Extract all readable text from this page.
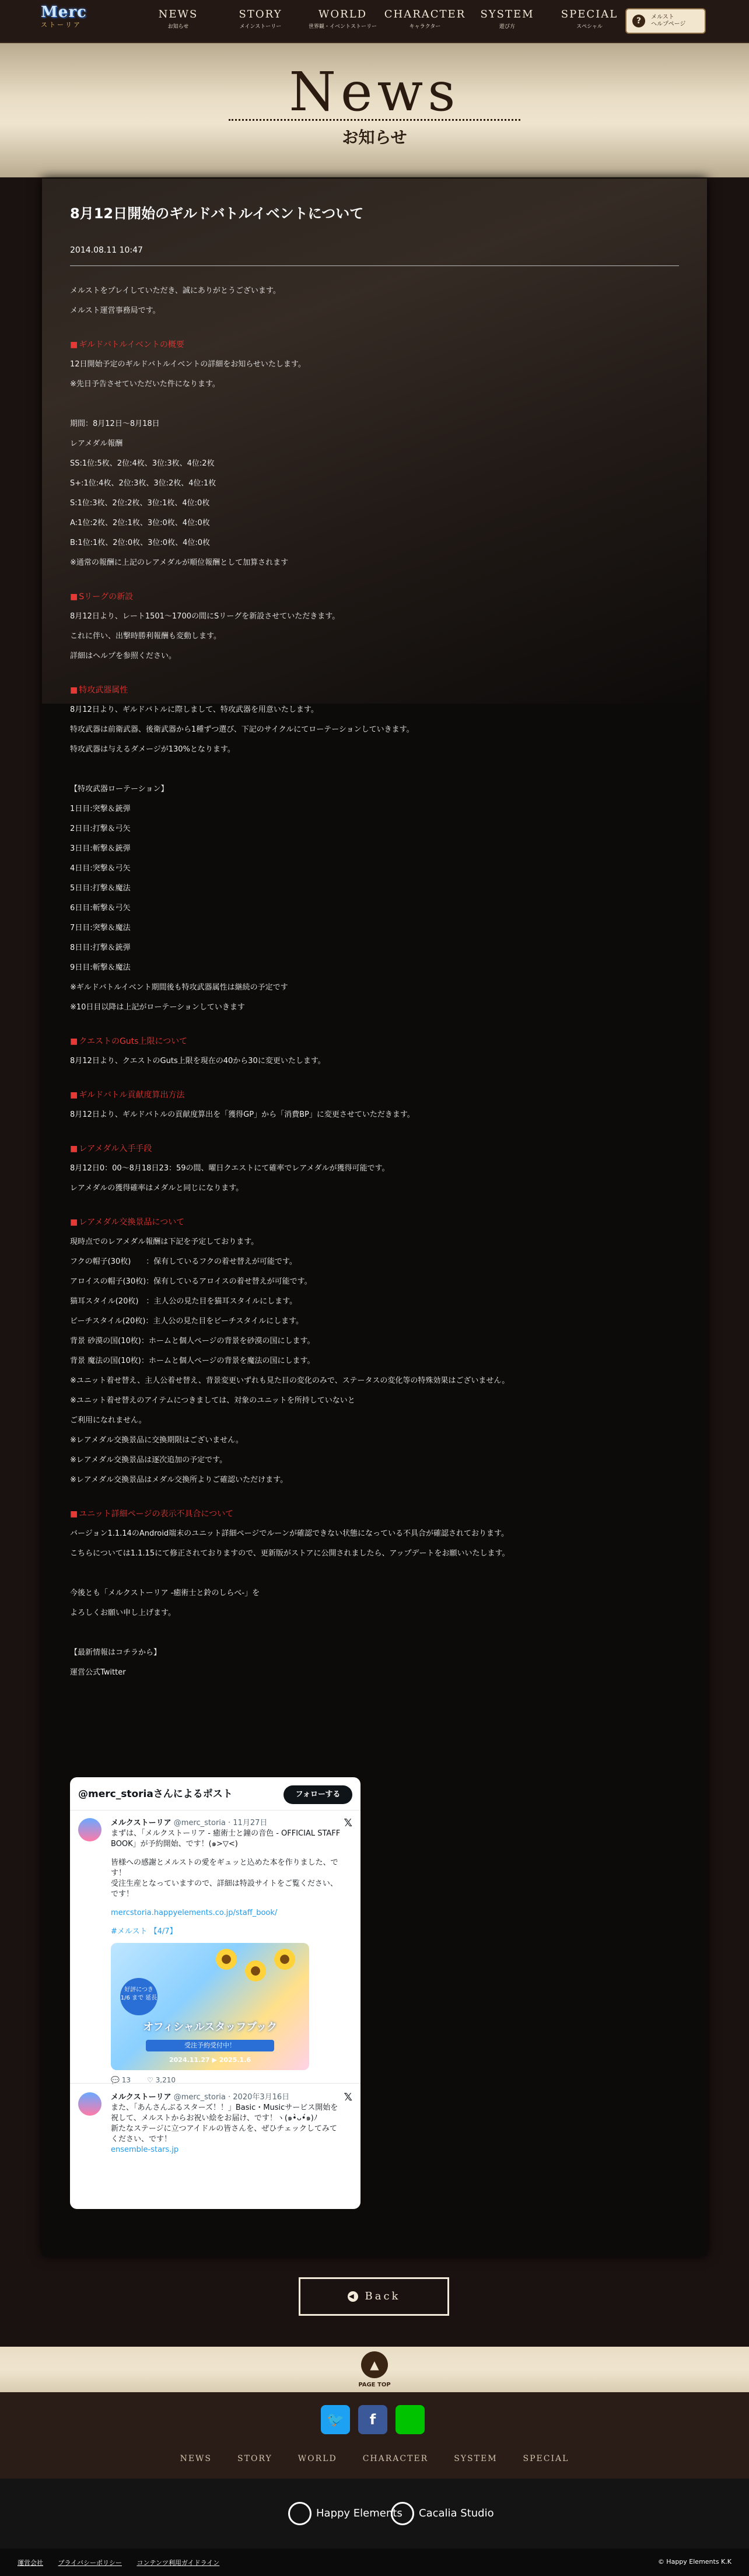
Merc
ストーリア
NEWS
お知らせ
STORY
メインストーリー
WORLD
世界観・イベントストーリー
CHARACTER
キャラクター
SYSTEM
遊び方
SPECIAL
スペシャル
?	メルスト
ヘルプページ
News
お知らせ
8月12日開始のギルドバトルイベントについて
2014.08.11 10:47
メルストをプレイしていただき、誠にありがとうございます。
メルスト運営事務局です。
■ ギルドバトルイベントの概要
12日開始予定のギルドバトルイベントの詳細をお知らせいたします。
※先日予告させていただいた件になります。
期間：8月12日〜8月18日
レアメダル報酬
SS:1位:5枚、2位:4枚、3位:3枚、4位:2枚
S+:1位:4枚、2位:3枚、3位:2枚、4位:1枚
S:1位:3枚、2位:2枚、3位:1枚、4位:0枚
A:1位:2枚、2位:1枚、3位:0枚、4位:0枚
B:1位:1枚、2位:0枚、3位:0枚、4位:0枚
※通常の報酬に上記のレアメダルが順位報酬として加算されます
■ Sリーグの新設
8月12日より、レート1501〜1700の間にSリーグを新設させていただきます。
これに伴い、出撃時勝利報酬も変動します。
詳細はヘルプを参照ください。
■ 特攻武器属性
8月12日より、ギルドバトルに際しまして、特攻武器を用意いたします。
特攻武器は前衛武器、後衛武器から1種ずつ選び、下記のサイクルにてローテーションしていきます。
特攻武器は与えるダメージが130%となります。
【特攻武器ローテーション】
1日目:突撃＆銃弾
2日目:打撃＆弓矢
3日目:斬撃＆銃弾
4日目:突撃＆弓矢
5日目:打撃＆魔法
6日目:斬撃＆弓矢
7日目:突撃＆魔法
8日目:打撃＆銃弾
9日目:斬撃＆魔法
※ギルドバトルイベント期間後も特攻武器属性は継続の予定です
※10日目以降は上記がローテーションしていきます
■ クエストのGuts上限について
8月12日より、クエストのGuts上限を現在の40から30に変更いたします。
■ ギルドバトル貢献度算出方法
8月12日より、ギルドバトルの貢献度算出を「獲得GP」から「消費BP」に変更させていただきます。
■ レアメダル入手手段
8月12日0：00〜8月18日23：59の間、曜日クエストにて確率でレアメダルが獲得可能です。
レアメダルの獲得確率はメダルと同じになります。
■ レアメダル交換景品について
現時点でのレアメダル報酬は下記を予定しております。
フクの帽子(30枚)　　：保有しているフクの着せ替えが可能です。
アロイスの帽子(30枚)：保有しているアロイスの着せ替えが可能です。
猫耳スタイル(20枚)　：主人公の見た目を猫耳スタイルにします。
ビーチスタイル(20枚)：主人公の見た目をビーチスタイルにします。
背景 砂漠の国(10枚)：ホームと個人ページの背景を砂漠の国にします。
背景 魔法の国(10枚)：ホームと個人ページの背景を魔法の国にします。
※ユニット着せ替え、主人公着せ替え、背景変更いずれも見た目の変化のみで、ステータスの変化等の特殊効果はございません。
※ユニット着せ替えのアイテムにつきましては、対象のユニットを所持していないと
ご利用になれません。
※レアメダル交換景品に交換期限はございません。
※レアメダル交換景品は逐次追加の予定です。
※レアメダル交換景品はメダル交換所よりご確認いただけます。
■ ユニット詳細ページの表示不具合について
バージョン1.1.14のAndroid端末のユニット詳細ページでルーンが確認できない状態になっている不具合が確認されております。
こちらについては1.1.15にて修正されておりますので、更新版がストアに公開されましたら、アップデートをお願いいたします。
今後とも「メルクストーリア -癒術士と鈴のしらべ-」を
よろしくお願い申し上げます。
【最新情報はコチラから】
運営公式Twitter
@merc_storiaさんによるポスト	フォローする
メルクストーリア @merc_storia · 11月27日
まずは、「メルクストーリア - 癒術士と鐘の音色 - OFFICIAL STAFF BOOK」が予約開始、です！(๑>▽<)
皆様への感謝とメルストの愛をギュッと込めた本を作りました、です！
受注生産となっていますので、詳細は特設サイトをご覧ください、です！
mercstoria.happyelements.co.jp/staff_book/
#メルスト 【4/7】
好評につき 1/6 まで 延長
オフィシャルスタッフブック
受注予約受付中！
2024.11.27 ▶ 2025.1.6
💬 13	♡ 3,210
𝕏
メルクストーリア @merc_storia · 2020年3月16日
また、「あんさんぶるスターズ！！」Basic・Musicサービス開始を祝して、メルストからお祝い絵をお届け、です！ヽ(๑•̀ᴗ•́๑)ﾉ
新たなステージに立つアイドルの皆さんを、ぜひチェックしてみてください、です！
ensemble-stars.jp
𝕏
◀ Back
▲
PAGE TOP
🐦	f
NEWS	STORY	WORLD	CHARACTER	SYSTEM	SPECIAL
Happy Elements	Cacalia Studio
運営会社 プライバシーポリシー コンテンツ利用ガイドライン	© Happy Elements K.K
